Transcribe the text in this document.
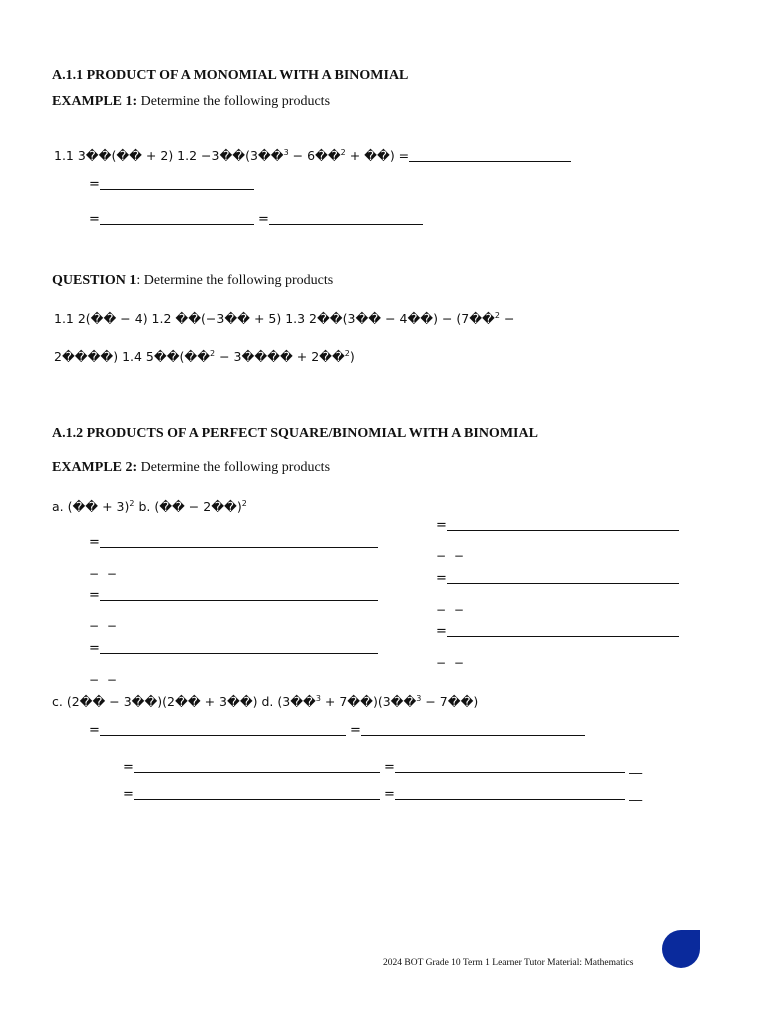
A.1.1 PRODUCT OF A MONOMIAL WITH A BINOMIAL
EXAMPLE 1: Determine the following products
1.1 3��(�� + 2) 1.2 −3��(3��$^3$ − 6��$^2$ + ��) =
=
=	=
QUESTION 1: Determine the following products
1.1 2(�� − 4) 1.2 ��(−3�� + 5) 1.3 2��(3�� − 4��) − (7��$^2$ −
2����) 1.4 5��(��$^2$ − 3���� + 2��$^2$)
A.1.2 PRODUCTS OF A PERFECT SQUARE/BINOMIAL WITH A BINOMIAL
EXAMPLE 2: Determine the following products
a. (�� + 3)$^2$ b. (�� − 2��)$^2$
=
− −
=
− −
=
− −
=
− −
=
− −
=
− −
c. (2�� − 3��)(2�� + 3��) d. (3��$^3$ + 7��)(3��$^3$ − 7��)
=	=
=	=	__
=	=	__
2024 BOT Grade 10 Term 1 Learner Tutor Material: Mathematics
